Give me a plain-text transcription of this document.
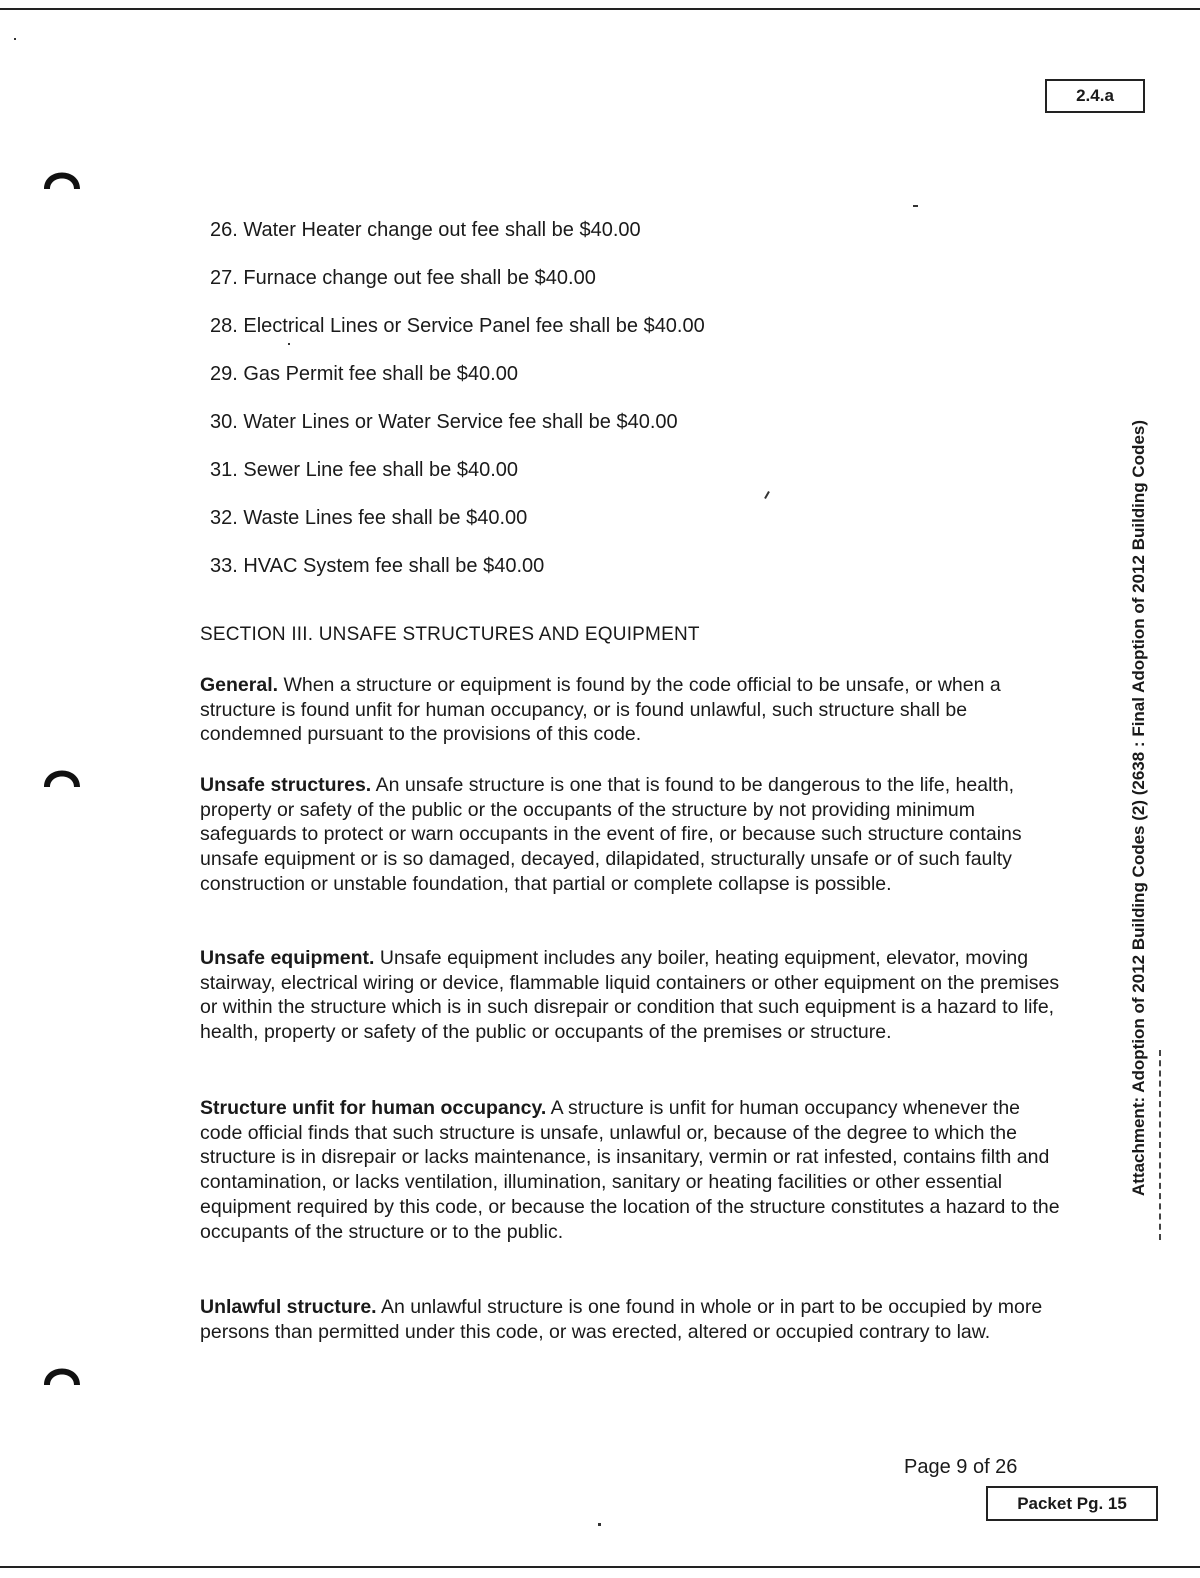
2.4.a
26. Water Heater change out fee shall be $40.00
27. Furnace change out fee shall be $40.00
28. Electrical Lines or Service Panel fee shall be $40.00
29. Gas Permit fee shall be $40.00
30. Water Lines or Water Service fee shall be $40.00
31. Sewer Line fee shall be $40.00
32. Waste Lines fee shall be $40.00
33. HVAC System fee shall be $40.00
SECTION III. UNSAFE STRUCTURES AND EQUIPMENT

General. When a structure or equipment is found by the code official to be unsafe, or when a structure is found unfit for human occupancy, or is found unlawful, such structure shall be condemned pursuant to the provisions of this code.

Unsafe structures. An unsafe structure is one that is found to be dangerous to the life, health, property or safety of the public or the occupants of the structure by not providing minimum safeguards to protect or warn occupants in the event of fire, or because such structure contains unsafe equipment or is so damaged, decayed, dilapidated, structurally unsafe or of such faulty construction or unstable foundation, that partial or complete collapse is possible.

Unsafe equipment. Unsafe equipment includes any boiler, heating equipment, elevator, moving stairway, electrical wiring or device, flammable liquid containers or other equipment on the premises or within the structure which is in such disrepair or condition that such equipment is a hazard to life, health, property or safety of the public or occupants of the premises or structure.

Structure unfit for human occupancy. A structure is unfit for human occupancy whenever the code official finds that such structure is unsafe, unlawful or, because of the degree to which the structure is in disrepair or lacks maintenance, is insanitary, vermin or rat infested, contains filth and contamination, or lacks ventilation, illumination, sanitary or heating facilities or other essential equipment required by this code, or because the location of the structure constitutes a hazard to the occupants of the structure or to the public.

Unlawful structure. An unlawful structure is one found in whole or in part to be occupied by more persons than permitted under this code, or was erected, altered or occupied contrary to law.

Attachment: Adoption of 2012 Building Codes (2) (2638 : Final Adoption of 2012 Building Codes)
Page 9 of 26
Packet Pg. 15
